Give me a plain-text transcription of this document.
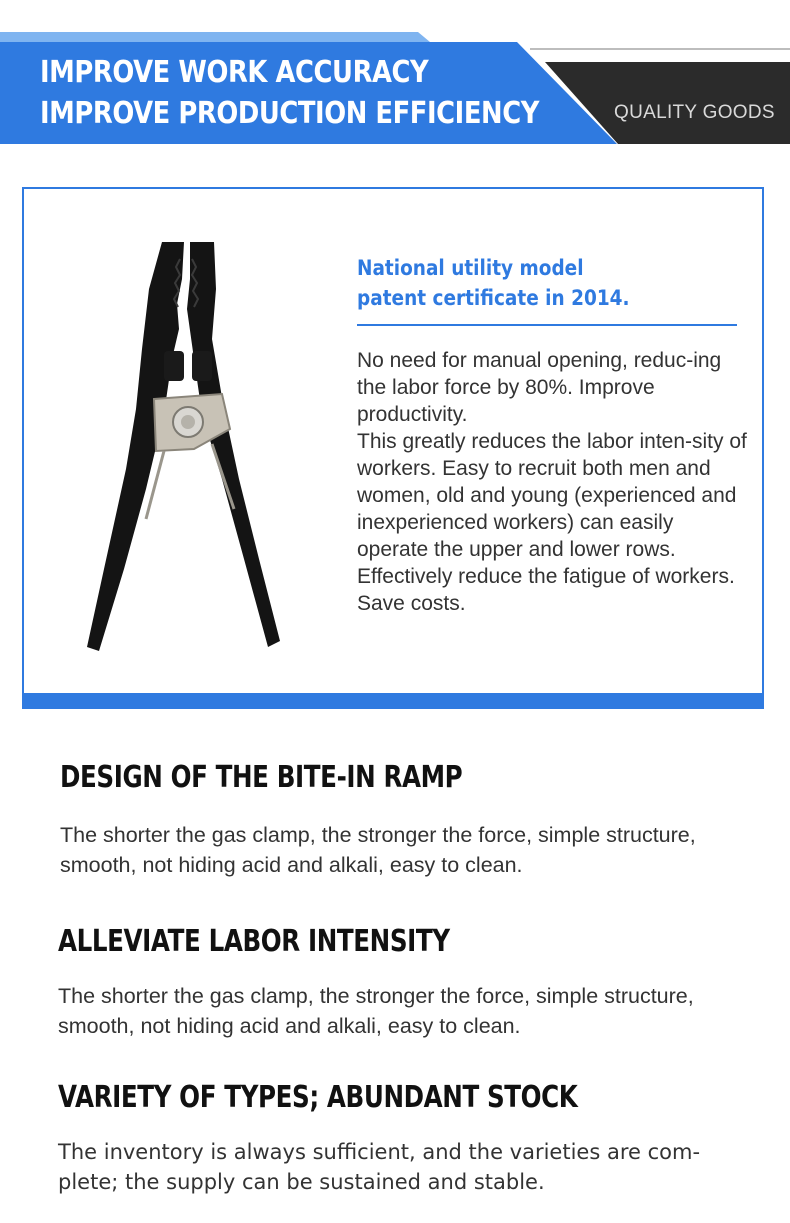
IMPROVE WORK ACCURACY
IMPROVE PRODUCTION EFFICIENCY	QUALITY GOODS
National utility model patent certificate in 2014.

No need for manual opening, reduc-ing the labor force by 80%. Improve productivity.

This greatly reduces the labor inten-sity of workers. Easy to recruit both men and women, old and young (experienced and inexperienced workers) can easily operate the upper and lower rows. Effectively reduce the fatigue of workers. Save costs.

DESIGN OF THE BITE-IN RAMP
The shorter the gas clamp, the stronger the force, simple structure, smooth, not hiding acid and alkali, easy to clean.
ALLEVIATE LABOR INTENSITY
The shorter the gas clamp, the stronger the force, simple structure, smooth, not hiding acid and alkali, easy to clean.
VARIETY OF TYPES; ABUNDANT STOCK
The inventory is always sufficient, and the varieties are com-plete; the supply can be sustained and stable.
